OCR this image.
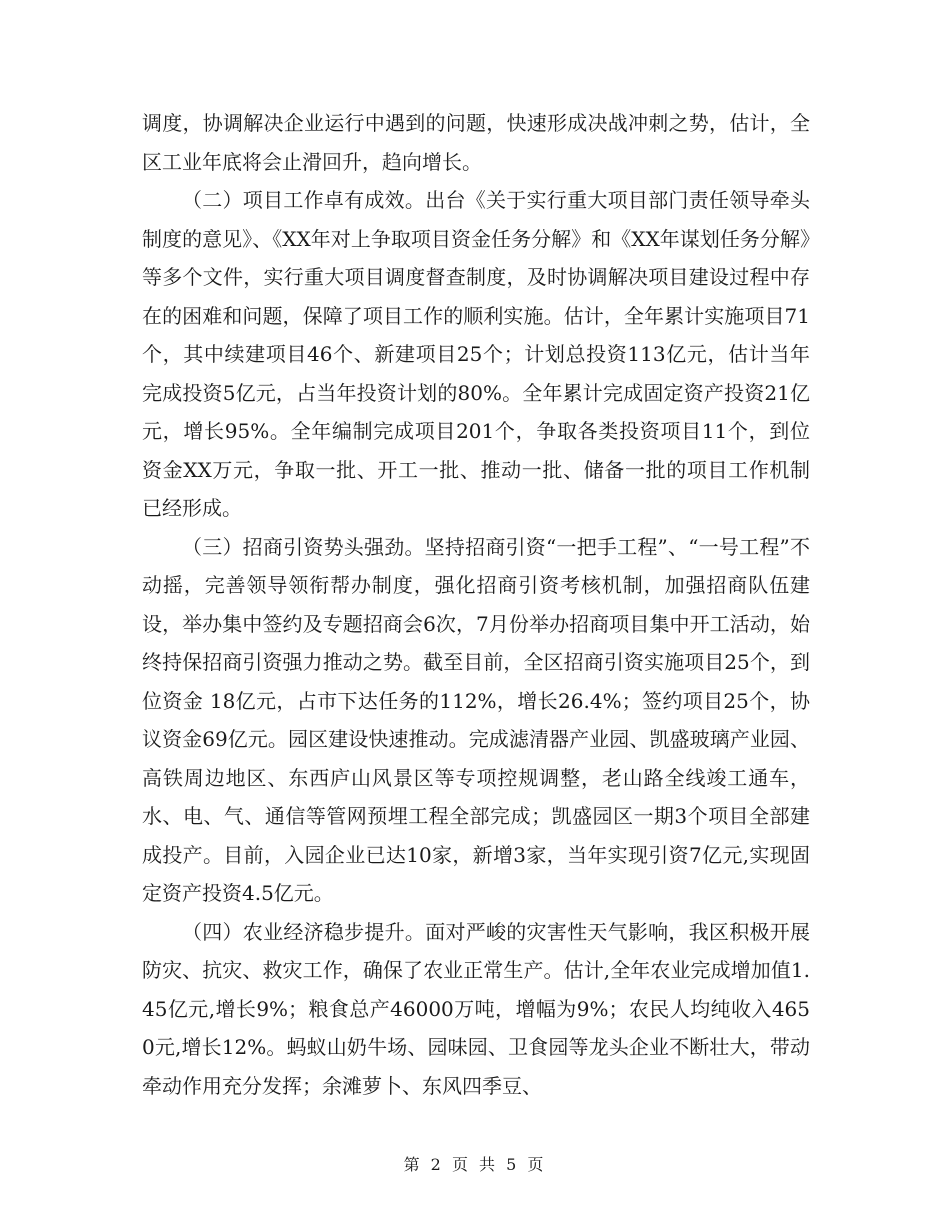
调度，协调解决企业运行中遇到的问题，快速形成决战冲刺之势，估计，全区工业年底将会止滑回升，趋向增长。

（二）项目工作卓有成效。出台《关于实行重大项目部门责任领导牵头制度的意见》、《XX年对上争取项目资金任务分解》和《XX年谋划任务分解》等多个文件，实行重大项目调度督查制度，及时协调解决项目建设过程中存在的困难和问题，保障了项目工作的顺利实施。估计，全年累计实施项目71个，其中续建项目46个、新建项目25个；计划总投资113亿元，估计当年完成投资5亿元，占当年投资计划的80%。全年累计完成固定资产投资21亿元，增长95%。全年编制完成项目201个，争取各类投资项目11个，到位资金XX万元，争取一批、开工一批、推动一批、储备一批的项目工作机制已经形成。

（三）招商引资势头强劲。坚持招商引资“一把手工程”、“一号工程”不动摇，完善领导领衔帮办制度，强化招商引资考核机制，加强招商队伍建设，举办集中签约及专题招商会6次，7月份举办招商项目集中开工活动，始终持保招商引资强力推动之势。截至目前，全区招商引资实施项目25个，到位资金 18亿元，占市下达任务的112%，增长26.4%；签约项目25个，协议资金69亿元。园区建设快速推动。完成滤清器产业园、凯盛玻璃产业园、高铁周边地区、东西庐山风景区等专项控规调整，老山路全线竣工通车，水、电、气、通信等管网预埋工程全部完成；凯盛园区一期3个项目全部建成投产。目前，入园企业已达10家，新增3家，当年实现引资7亿元,实现固定资产投资4.5亿元。

（四）农业经济稳步提升。面对严峻的灾害性天气影响，我区积极开展防灾、抗灾、救灾工作，确保了农业正常生产。估计,全年农业完成增加值1.45亿元,增长9%；粮食总产46000万吨，增幅为9%；农民人均纯收入4650元,增长12%。蚂蚁山奶牛场、园味园、卫食园等龙头企业不断壮大，带动牵动作用充分发挥；余滩萝卜、东风四季豆、

第 2 页 共 5 页
